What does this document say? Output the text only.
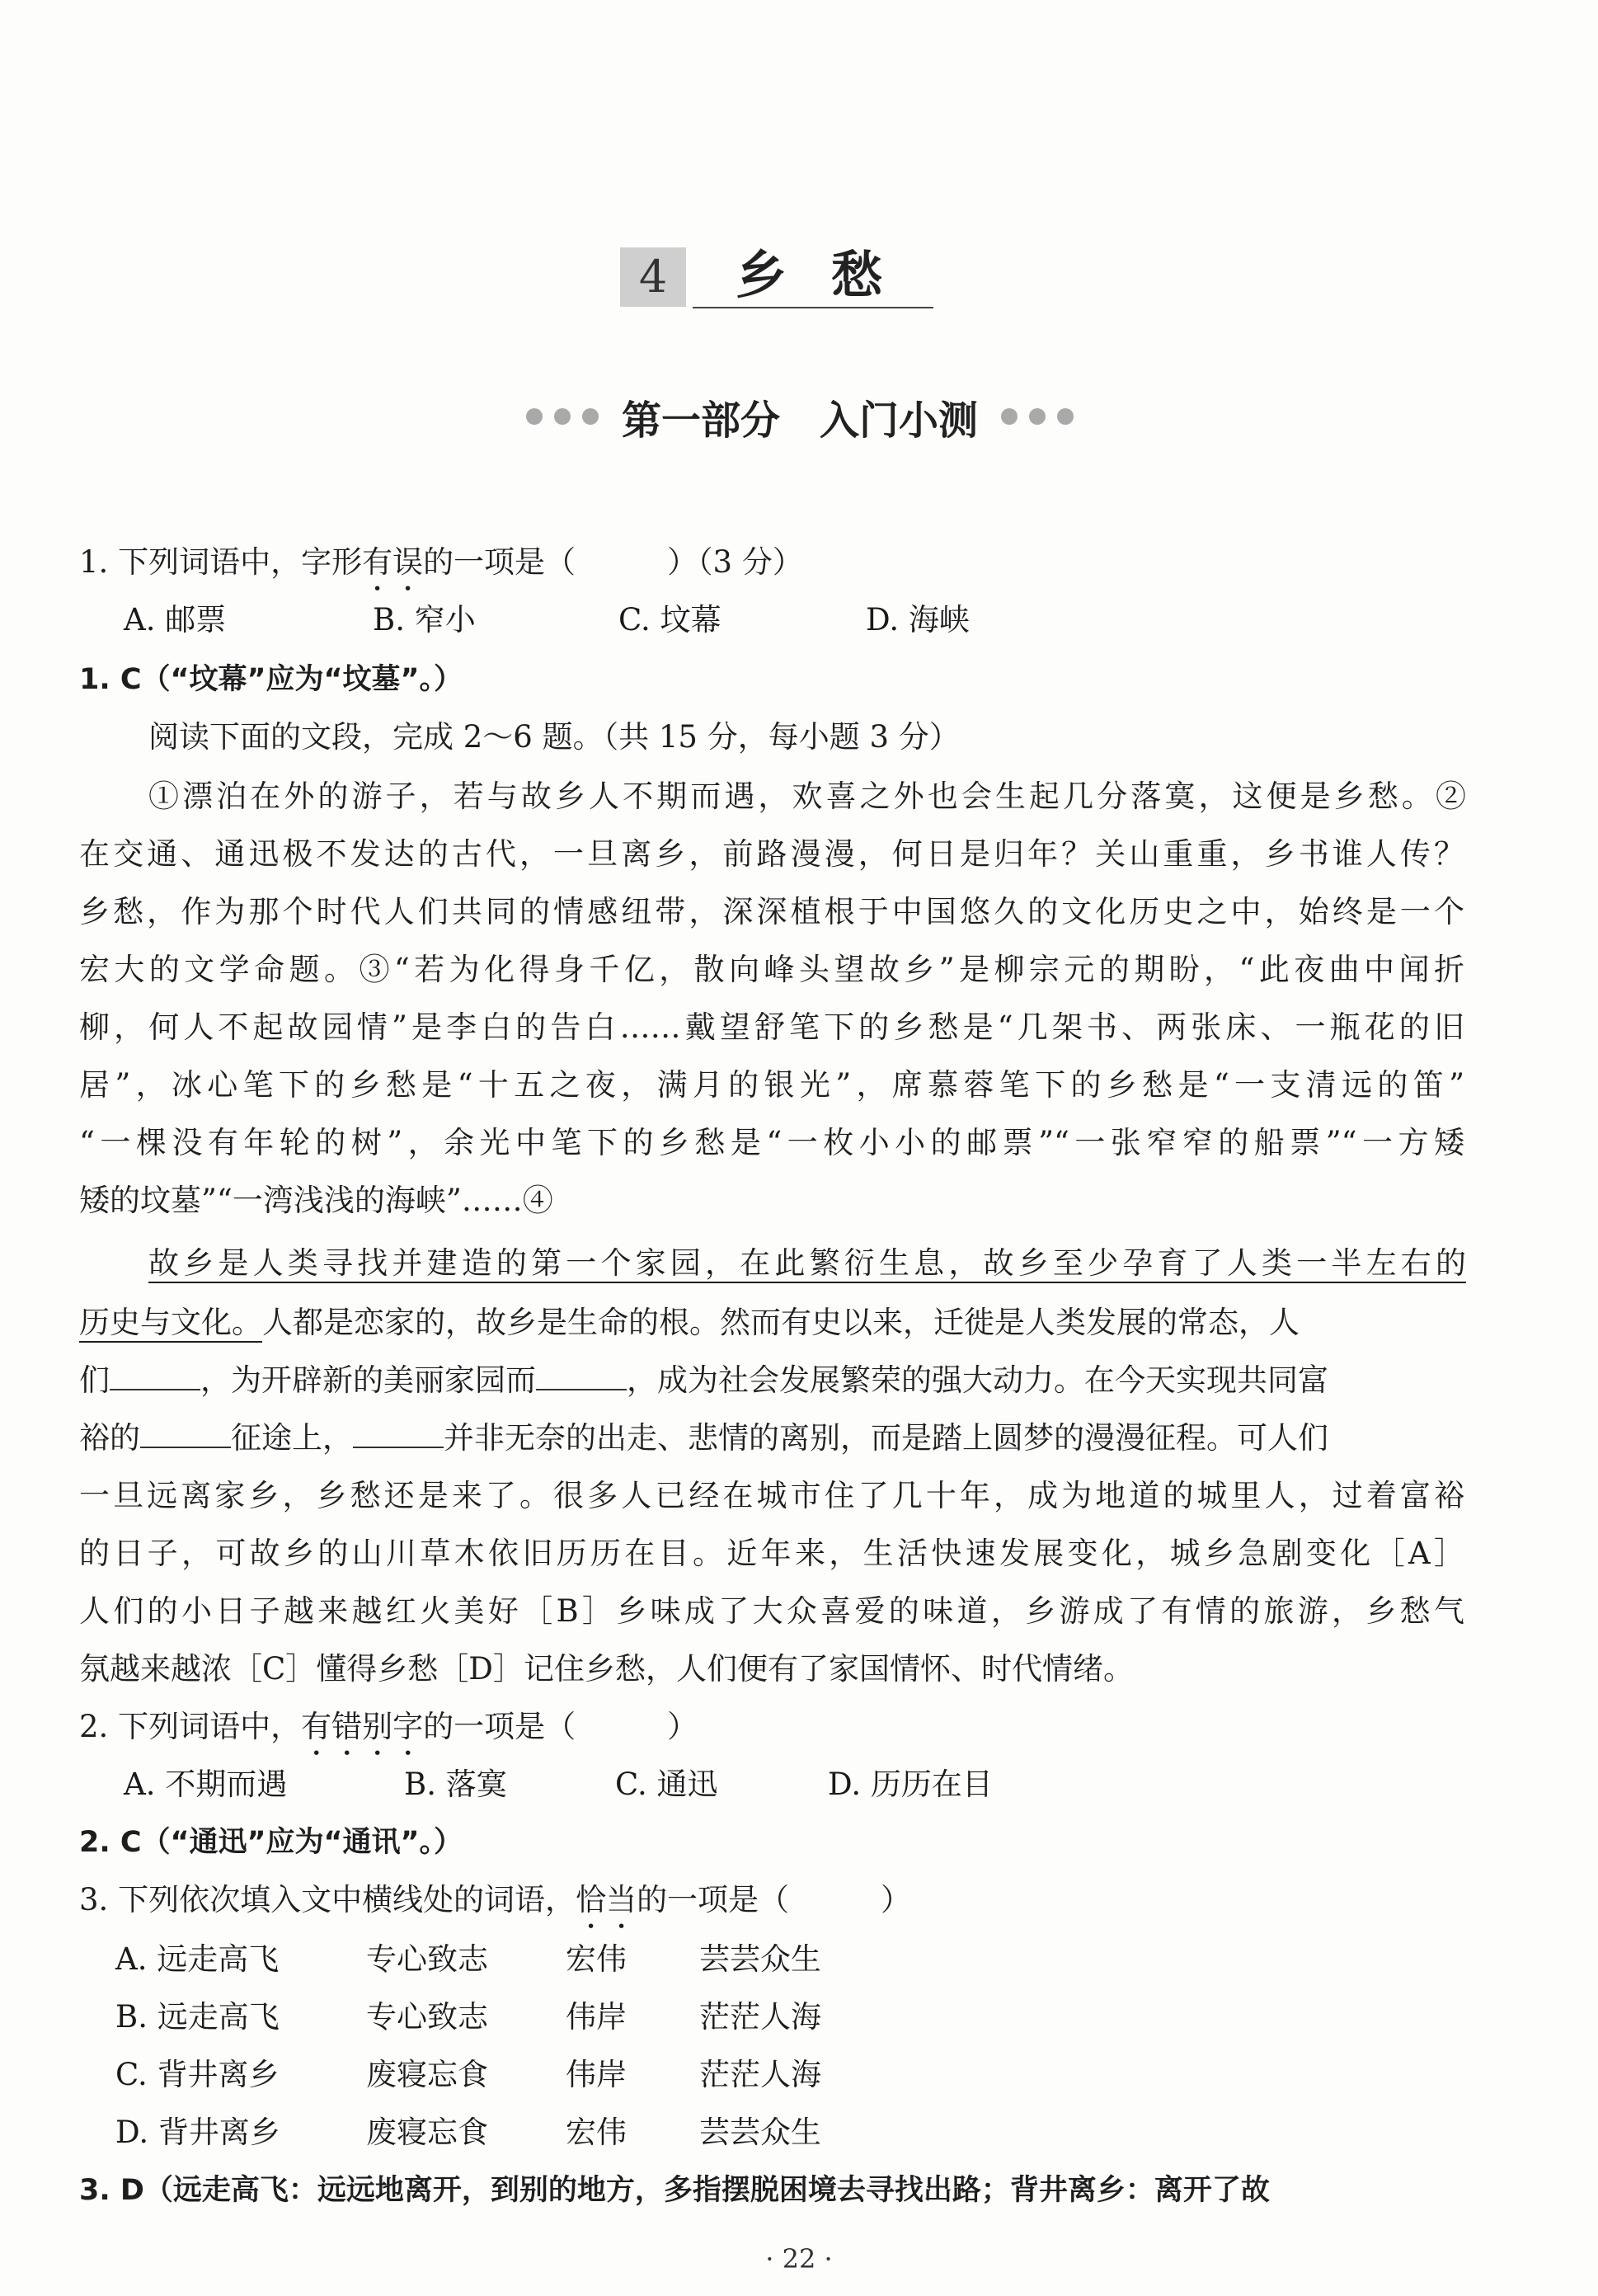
4	乡愁
第一部分　入门小测
1. 下列词语中，字形有误的一项是（　　　）（3 分）
A. 邮票	B. 窄小	C. 坟幕	D. 海峡
1. C（“坟幕”应为“坟墓”。）
阅读下面的文段，完成 2～6 题。（共 15 分，每小题 3 分）
①漂泊在外的游子，若与故乡人不期而遇，欢喜之外也会生起几分落寞，这便是乡愁。②
在交通、通迅极不发达的古代，一旦离乡，前路漫漫，何日是归年？关山重重，乡书谁人传？
乡愁，作为那个时代人们共同的情感纽带，深深植根于中国悠久的文化历史之中，始终是一个
宏大的文学命题。③“若为化得身千亿，散向峰头望故乡”是柳宗元的期盼，“此夜曲中闻折
柳，何人不起故园情”是李白的告白……戴望舒笔下的乡愁是“几架书、两张床、一瓶花的旧
居”，冰心笔下的乡愁是“十五之夜，满月的银光”，席慕蓉笔下的乡愁是“一支清远的笛”
“一棵没有年轮的树”，余光中笔下的乡愁是“一枚小小的邮票”“一张窄窄的船票”“一方矮
矮的坟墓”“一湾浅浅的海峡”……④
故乡是人类寻找并建造的第一个家园，在此繁衍生息，故乡至少孕育了人类一半左右的
历史与文化。人都是恋家的，故乡是生命的根。然而有史以来，迁徙是人类发展的常态，人
们	，为开辟新的美丽家园而	，成为社会发展繁荣的强大动力。在今天实现共同富
裕的	征途上，	并非无奈的出走、悲情的离别，而是踏上圆梦的漫漫征程。可人们
一旦远离家乡，乡愁还是来了。很多人已经在城市住了几十年，成为地道的城里人，过着富裕
的日子，可故乡的山川草木依旧历历在目。近年来，生活快速发展变化，城乡急剧变化［A］
人们的小日子越来越红火美好［B］乡味成了大众喜爱的味道，乡游成了有情的旅游，乡愁气
氛越来越浓［C］懂得乡愁［D］记住乡愁，人们便有了家国情怀、时代情绪。
2. 下列词语中，有错别字的一项是（　　　）
A. 不期而遇	B. 落寞	C. 通迅	D. 历历在目
2. C（“通迅”应为“通讯”。）
3. 下列依次填入文中横线处的词语，恰当的一项是（　　　）
A. 远走高飞	专心致志	宏伟 芸芸众生
B. 远走高飞	专心致志	伟岸 茫茫人海
C. 背井离乡	废寝忘食	伟岸 茫茫人海
D. 背井离乡	废寝忘食	宏伟 芸芸众生
3. D（远走高飞：远远地离开，到别的地方，多指摆脱困境去寻找出路；背井离乡：离开了故
· 22 ·
